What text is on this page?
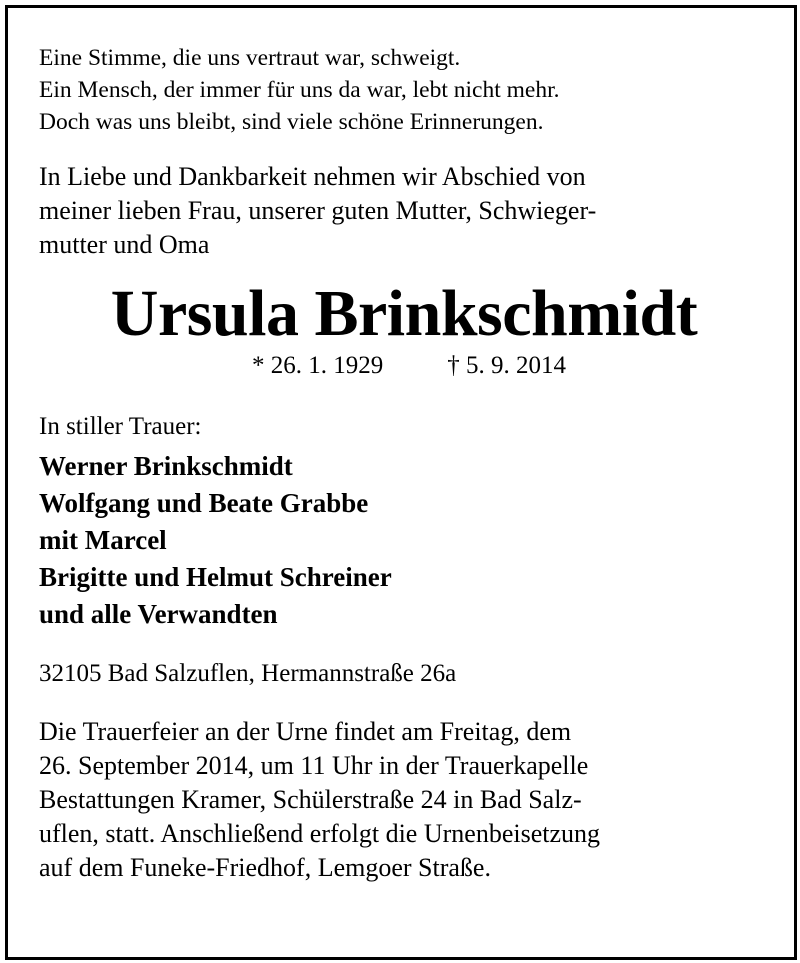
Eine Stimme, die uns vertraut war, schweigt.
Ein Mensch, der immer für uns da war, lebt nicht mehr.
Doch was uns bleibt, sind viele schöne Erinnerungen.

In Liebe und Dankbarkeit nehmen wir Abschied von
meiner lieben Frau, unserer guten Mutter, Schwieger-
mutter und Oma

Ursula Brinkschmidt
* 26. 1. 1929	† 5. 9. 2014

In stiller Trauer:

Werner Brinkschmidt
Wolfgang und Beate Grabbe
mit Marcel
Brigitte und Helmut Schreiner
und alle Verwandten

32105 Bad Salzuflen, Hermannstraße 26a

Die Trauerfeier an der Urne findet am Freitag, dem
26. September 2014, um 11 Uhr in der Trauerkapelle
Bestattungen Kramer, Schülerstraße 24 in Bad Salz-
uflen, statt. Anschließend erfolgt die Urnenbeisetzung
auf dem Funeke-Friedhof, Lemgoer Straße.
